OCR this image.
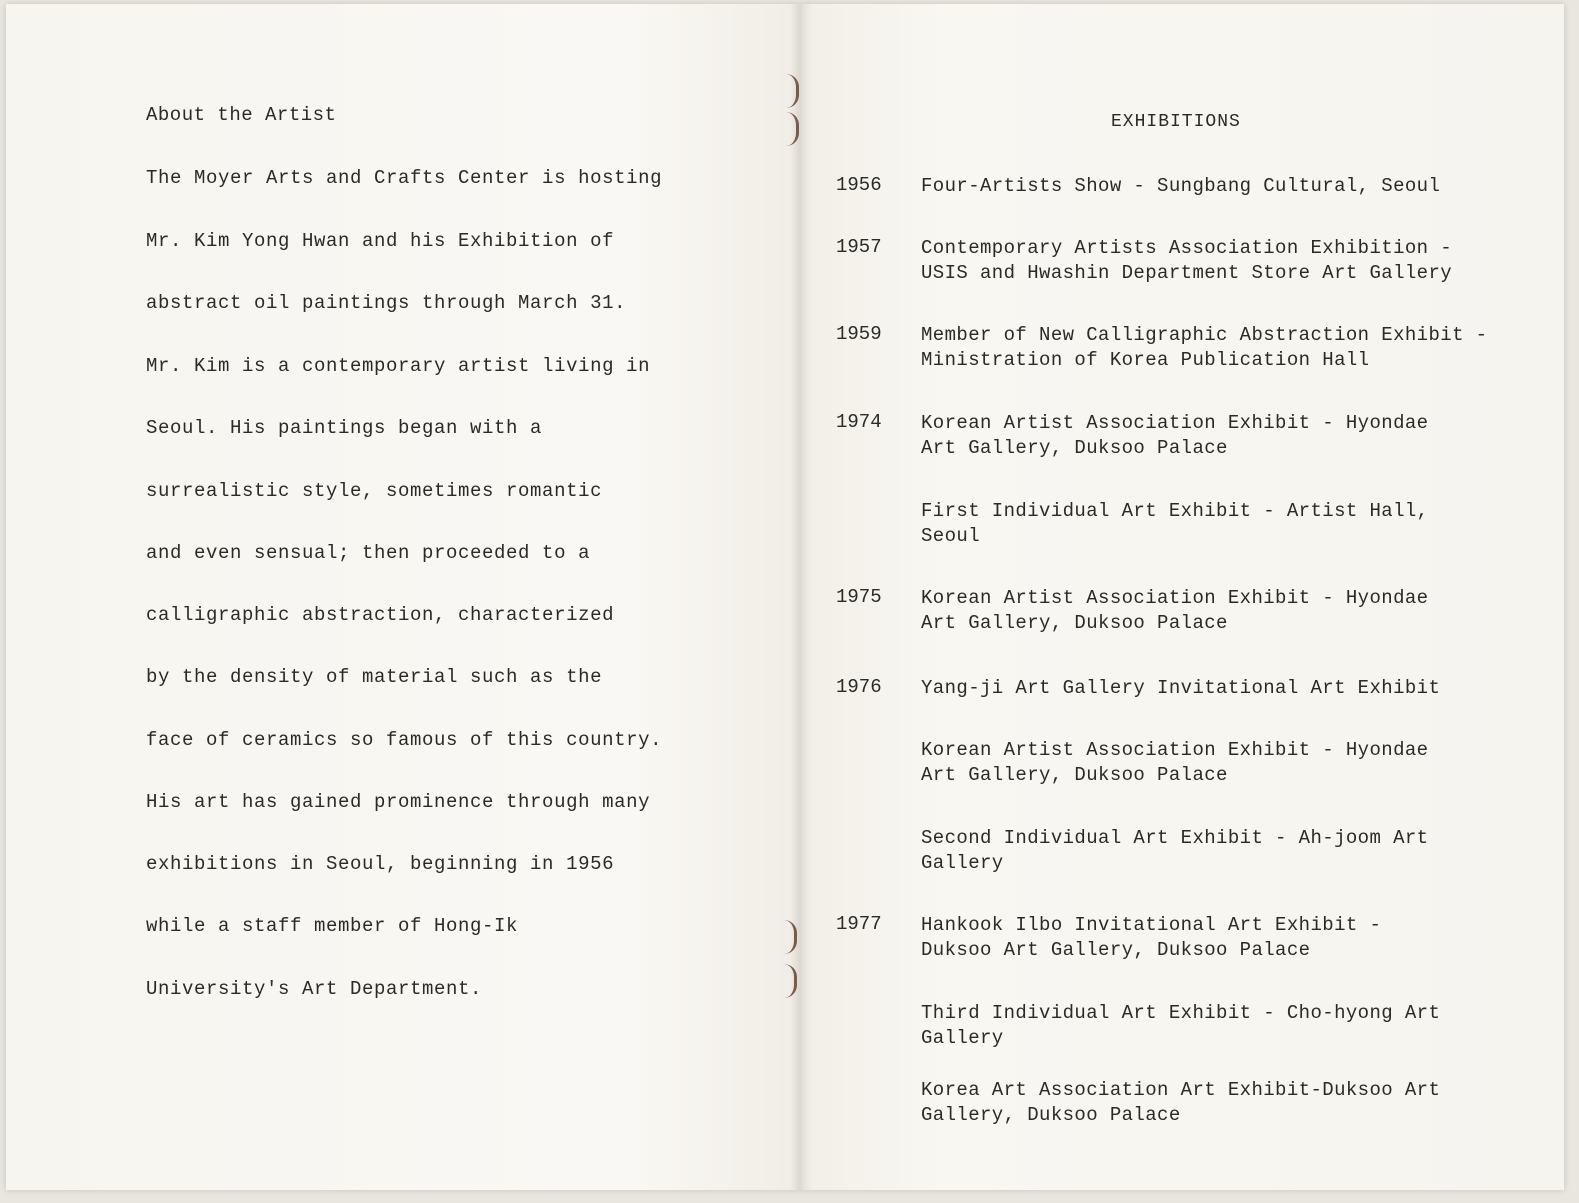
About the Artist
The Moyer Arts and Crafts Center is hosting
Mr. Kim Yong Hwan and his Exhibition of
abstract oil paintings through March 31.
Mr. Kim is a contemporary artist living in
Seoul. His paintings began with a
surrealistic style, sometimes romantic
and even sensual; then proceeded to a
calligraphic abstraction, characterized
by the density of material such as the
face of ceramics so famous of this country.
His art has gained prominence through many
exhibitions in Seoul, beginning in 1956
while a staff member of Hong-Ik
University's Art Department.
EXHIBITIONS
1956 Four-Artists Show - Sungbang Cultural, Seoul
1957 Contemporary Artists Association Exhibition -
USIS and Hwashin Department Store Art Gallery
1959 Member of New Calligraphic Abstraction Exhibit -
Ministration of Korea Publication Hall
1974 Korean Artist Association Exhibit - Hyondae
Art Gallery, Duksoo Palace
First Individual Art Exhibit - Artist Hall,
Seoul
1975 Korean Artist Association Exhibit - Hyondae
Art Gallery, Duksoo Palace
1976 Yang-ji Art Gallery Invitational Art Exhibit
Korean Artist Association Exhibit - Hyondae
Art Gallery, Duksoo Palace
Second Individual Art Exhibit - Ah-joom Art
Gallery
1977 Hankook Ilbo Invitational Art Exhibit -
Duksoo Art Gallery, Duksoo Palace
Third Individual Art Exhibit - Cho-hyong Art
Gallery
Korea Art Association Art Exhibit-Duksoo Art
Gallery, Duksoo Palace
